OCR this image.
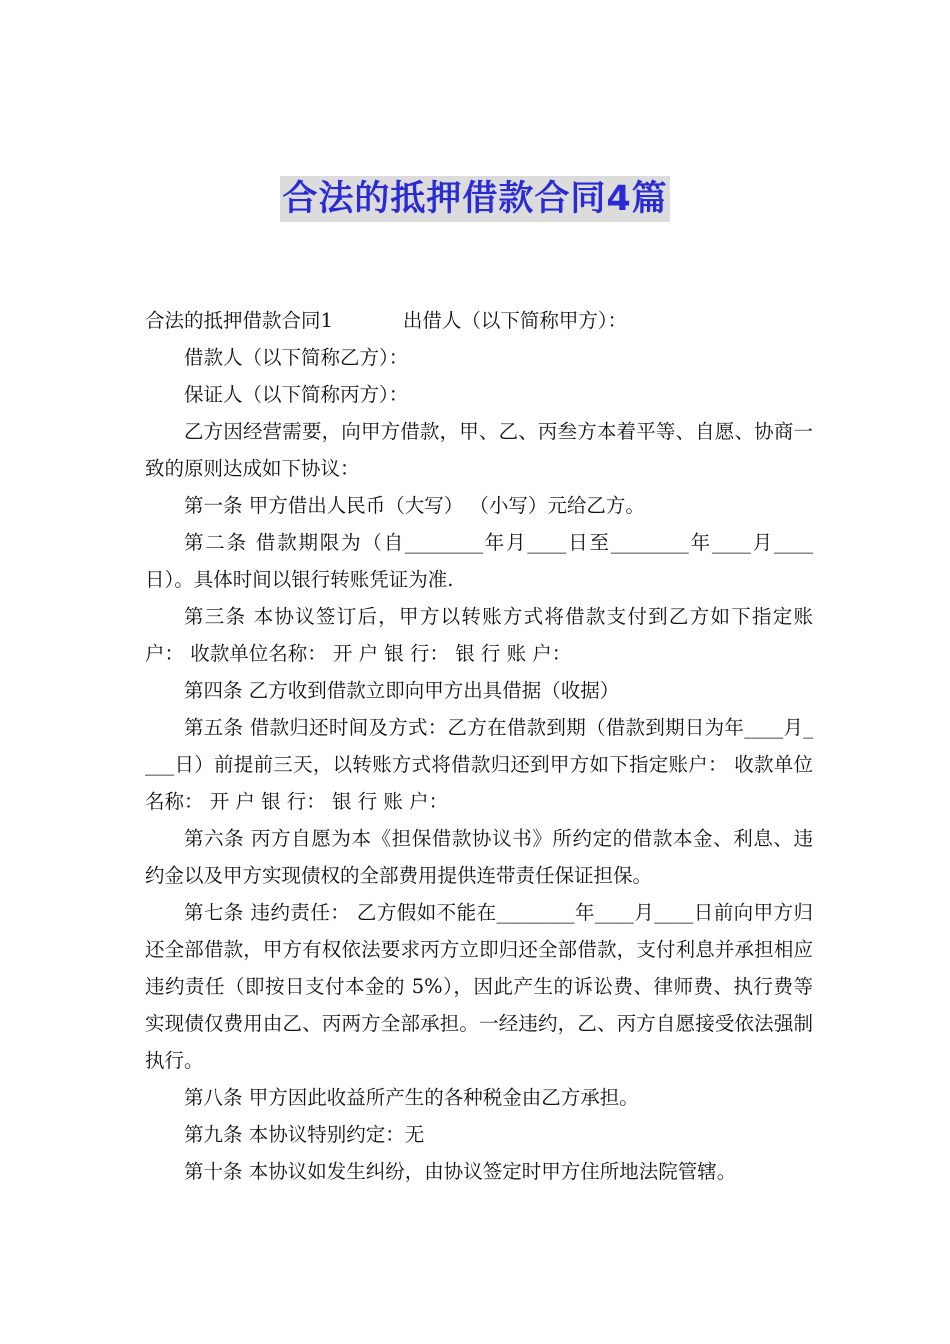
合法的抵押借款合同4篇

合法的抵押借款合同1	出借人（以下简称甲方）：

借款人（以下简称乙方）：

保证人（以下简称丙方）：

乙方因经营需要，向甲方借款，甲、乙、丙叁方本着平等、自愿、协商一致的原则达成如下协议：

第一条 甲方借出人民币（大写） （小写）元给乙方。

第二条 借款期限为（自________年月____日至________年____月____日）。具体时间以银行转账凭证为准.

第三条 本协议签订后，甲方以转账方式将借款支付到乙方如下指定账户： 收款单位名称： 开 户 银 行： 银 行 账 户：

第四条 乙方收到借款立即向甲方出具借据（收据）

第五条 借款归还时间及方式：乙方在借款到期（借款到期日为年____月____日）前提前三天，以转账方式将借款归还到甲方如下指定账户： 收款单位名称： 开 户 银 行： 银 行 账 户：

第六条 丙方自愿为本《担保借款协议书》所约定的借款本金、利息、违约金以及甲方实现债权的全部费用提供连带责任保证担保。

第七条 违约责任： 乙方假如不能在________年____月____日前向甲方归还全部借款，甲方有权依法要求丙方立即归还全部借款，支付利息并承担相应违约责任（即按日支付本金的 5%），因此产生的诉讼费、律师费、执行费等实现债仅费用由乙、丙两方全部承担。一经违约，乙、丙方自愿接受依法强制执行。

第八条 甲方因此收益所产生的各种税金由乙方承担。

第九条 本协议特别约定：无

第十条 本协议如发生纠纷，由协议签定时甲方住所地法院管辖。
